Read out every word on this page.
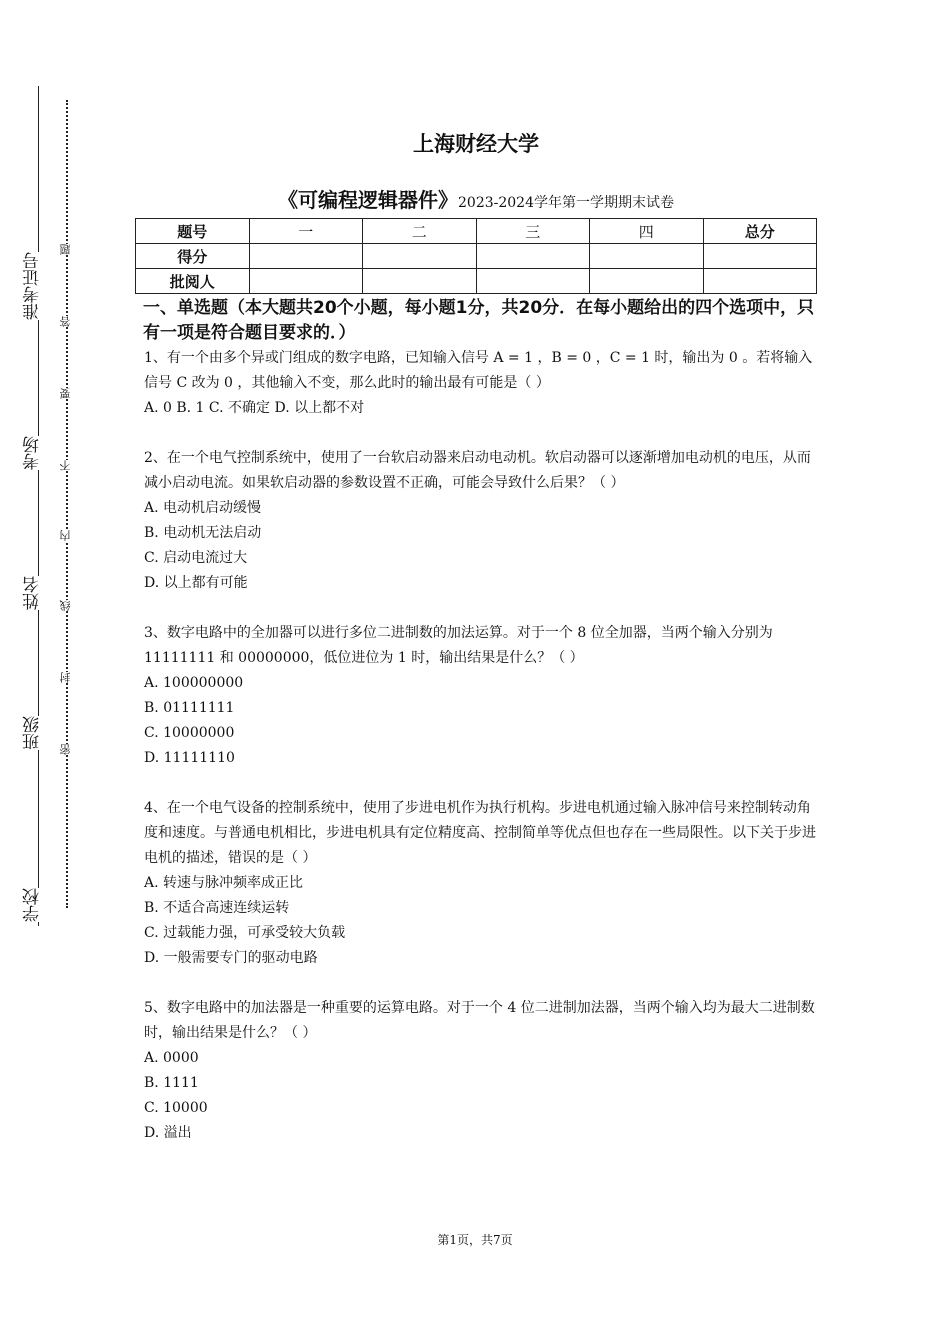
准考证号
考场
姓名
班级
学校
题
答
要
不
内
线
封
密
上海财经大学
《可编程逻辑器件》2023-2024学年第一学期期末试卷
题号	一	二	三	四	总分
得分					
批阅人					
一、单选题（本大题共20个小题，每小题1分，共20分．在每小题给出的四个选项中，只有一项是符合题目要求的．）

1、有一个由多个异或门组成的数字电路，已知输入信号 A = 1 ，B = 0 ，C = 1 时，输出为 0 。若将输入信号 C 改为 0 ，其他输入不变，那么此时的输出最有可能是（ ）

A. 0 B. 1 C. 不确定 D. 以上都不对

2、在一个电气控制系统中，使用了一台软启动器来启动电动机。软启动器可以逐渐增加电动机的电压，从而减小启动电流。如果软启动器的参数设置不正确，可能会导致什么后果？（ ）

A. 电动机启动缓慢

B. 电动机无法启动

C. 启动电流过大

D. 以上都有可能

3、数字电路中的全加器可以进行多位二进制数的加法运算。对于一个 8 位全加器，当两个输入分别为 11111111 和 00000000，低位进位为 1 时，输出结果是什么？（ ）

A. 100000000

B. 01111111

C. 10000000

D. 11111110

4、在一个电气设备的控制系统中，使用了步进电机作为执行机构。步进电机通过输入脉冲信号来控制转动角度和速度。与普通电机相比，步进电机具有定位精度高、控制简单等优点但也存在一些局限性。以下关于步进电机的描述，错误的是（ ）

A. 转速与脉冲频率成正比

B. 不适合高速连续运转

C. 过载能力强，可承受较大负载

D. 一般需要专门的驱动电路

5、数字电路中的加法器是一种重要的运算电路。对于一个 4 位二进制加法器，当两个输入均为最大二进制数时，输出结果是什么？（ ）

A. 0000

B. 1111

C. 10000

D. 溢出

第1页，共7页
